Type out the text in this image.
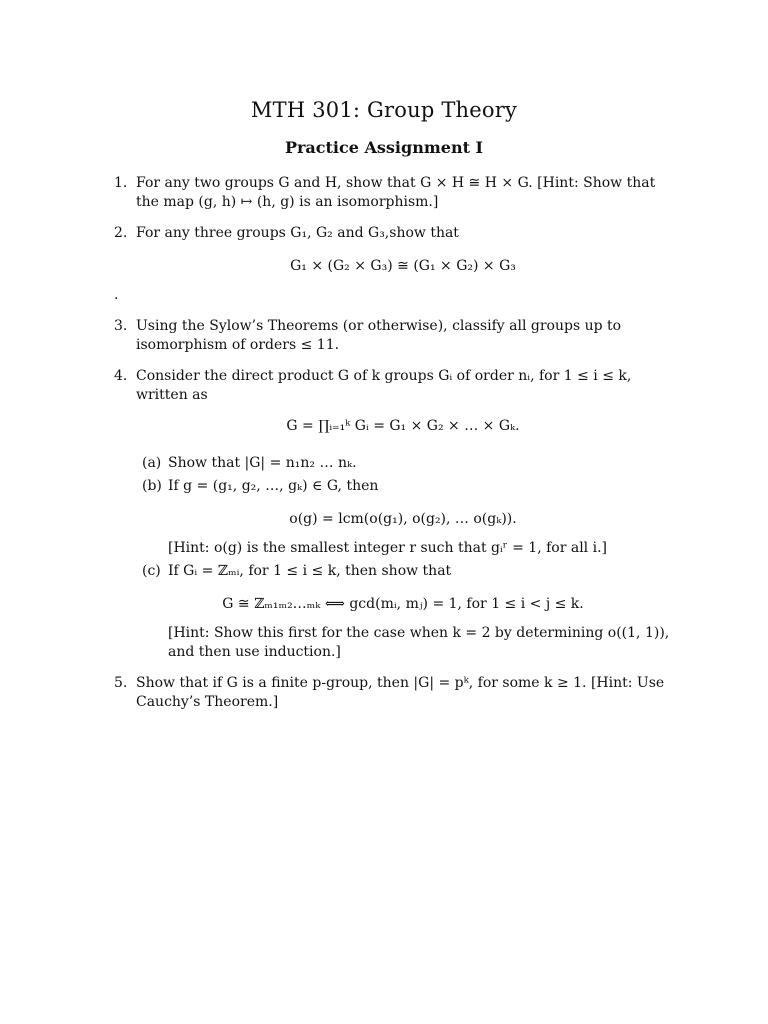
MTH 301: Group Theory
Practice Assignment I
1. For any two groups G and H, show that G × H ≅ H × G. [Hint: Show that the map (g, h) ↦ (h, g) is an isomorphism.]
2. For any three groups G₁, G₂ and G₃,show that
G₁ × (G₂ × G₃) ≅ (G₁ × G₂) × G₃
.
3. Using the Sylow’s Theorems (or otherwise), classify all groups up to isomorphism of orders ≤ 11.
4. Consider the direct product G of k groups Gᵢ of order nᵢ, for 1 ≤ i ≤ k, written as
G = ∏ᵢ₌₁ᵏ Gᵢ = G₁ × G₂ × … × Gₖ.
(a) Show that |G| = n₁n₂ … nₖ.
(b) If g = (g₁, g₂, …, gₖ) ∈ G, then
o(g) = lcm(o(g₁), o(g₂), … o(gₖ)).
[Hint: o(g) is the smallest integer r such that gᵢʳ = 1, for all i.]
(c) If Gᵢ = ℤₘᵢ, for 1 ≤ i ≤ k, then show that
G ≅ ℤₘ₁ₘ₂…ₘₖ ⟺ gcd(mᵢ, mⱼ) = 1, for 1 ≤ i < j ≤ k.
[Hint: Show this first for the case when k = 2 by determining o((1, 1)), and then use induction.]
5. Show that if G is a finite p-group, then |G| = pᵏ, for some k ≥ 1. [Hint: Use Cauchy’s Theorem.]
